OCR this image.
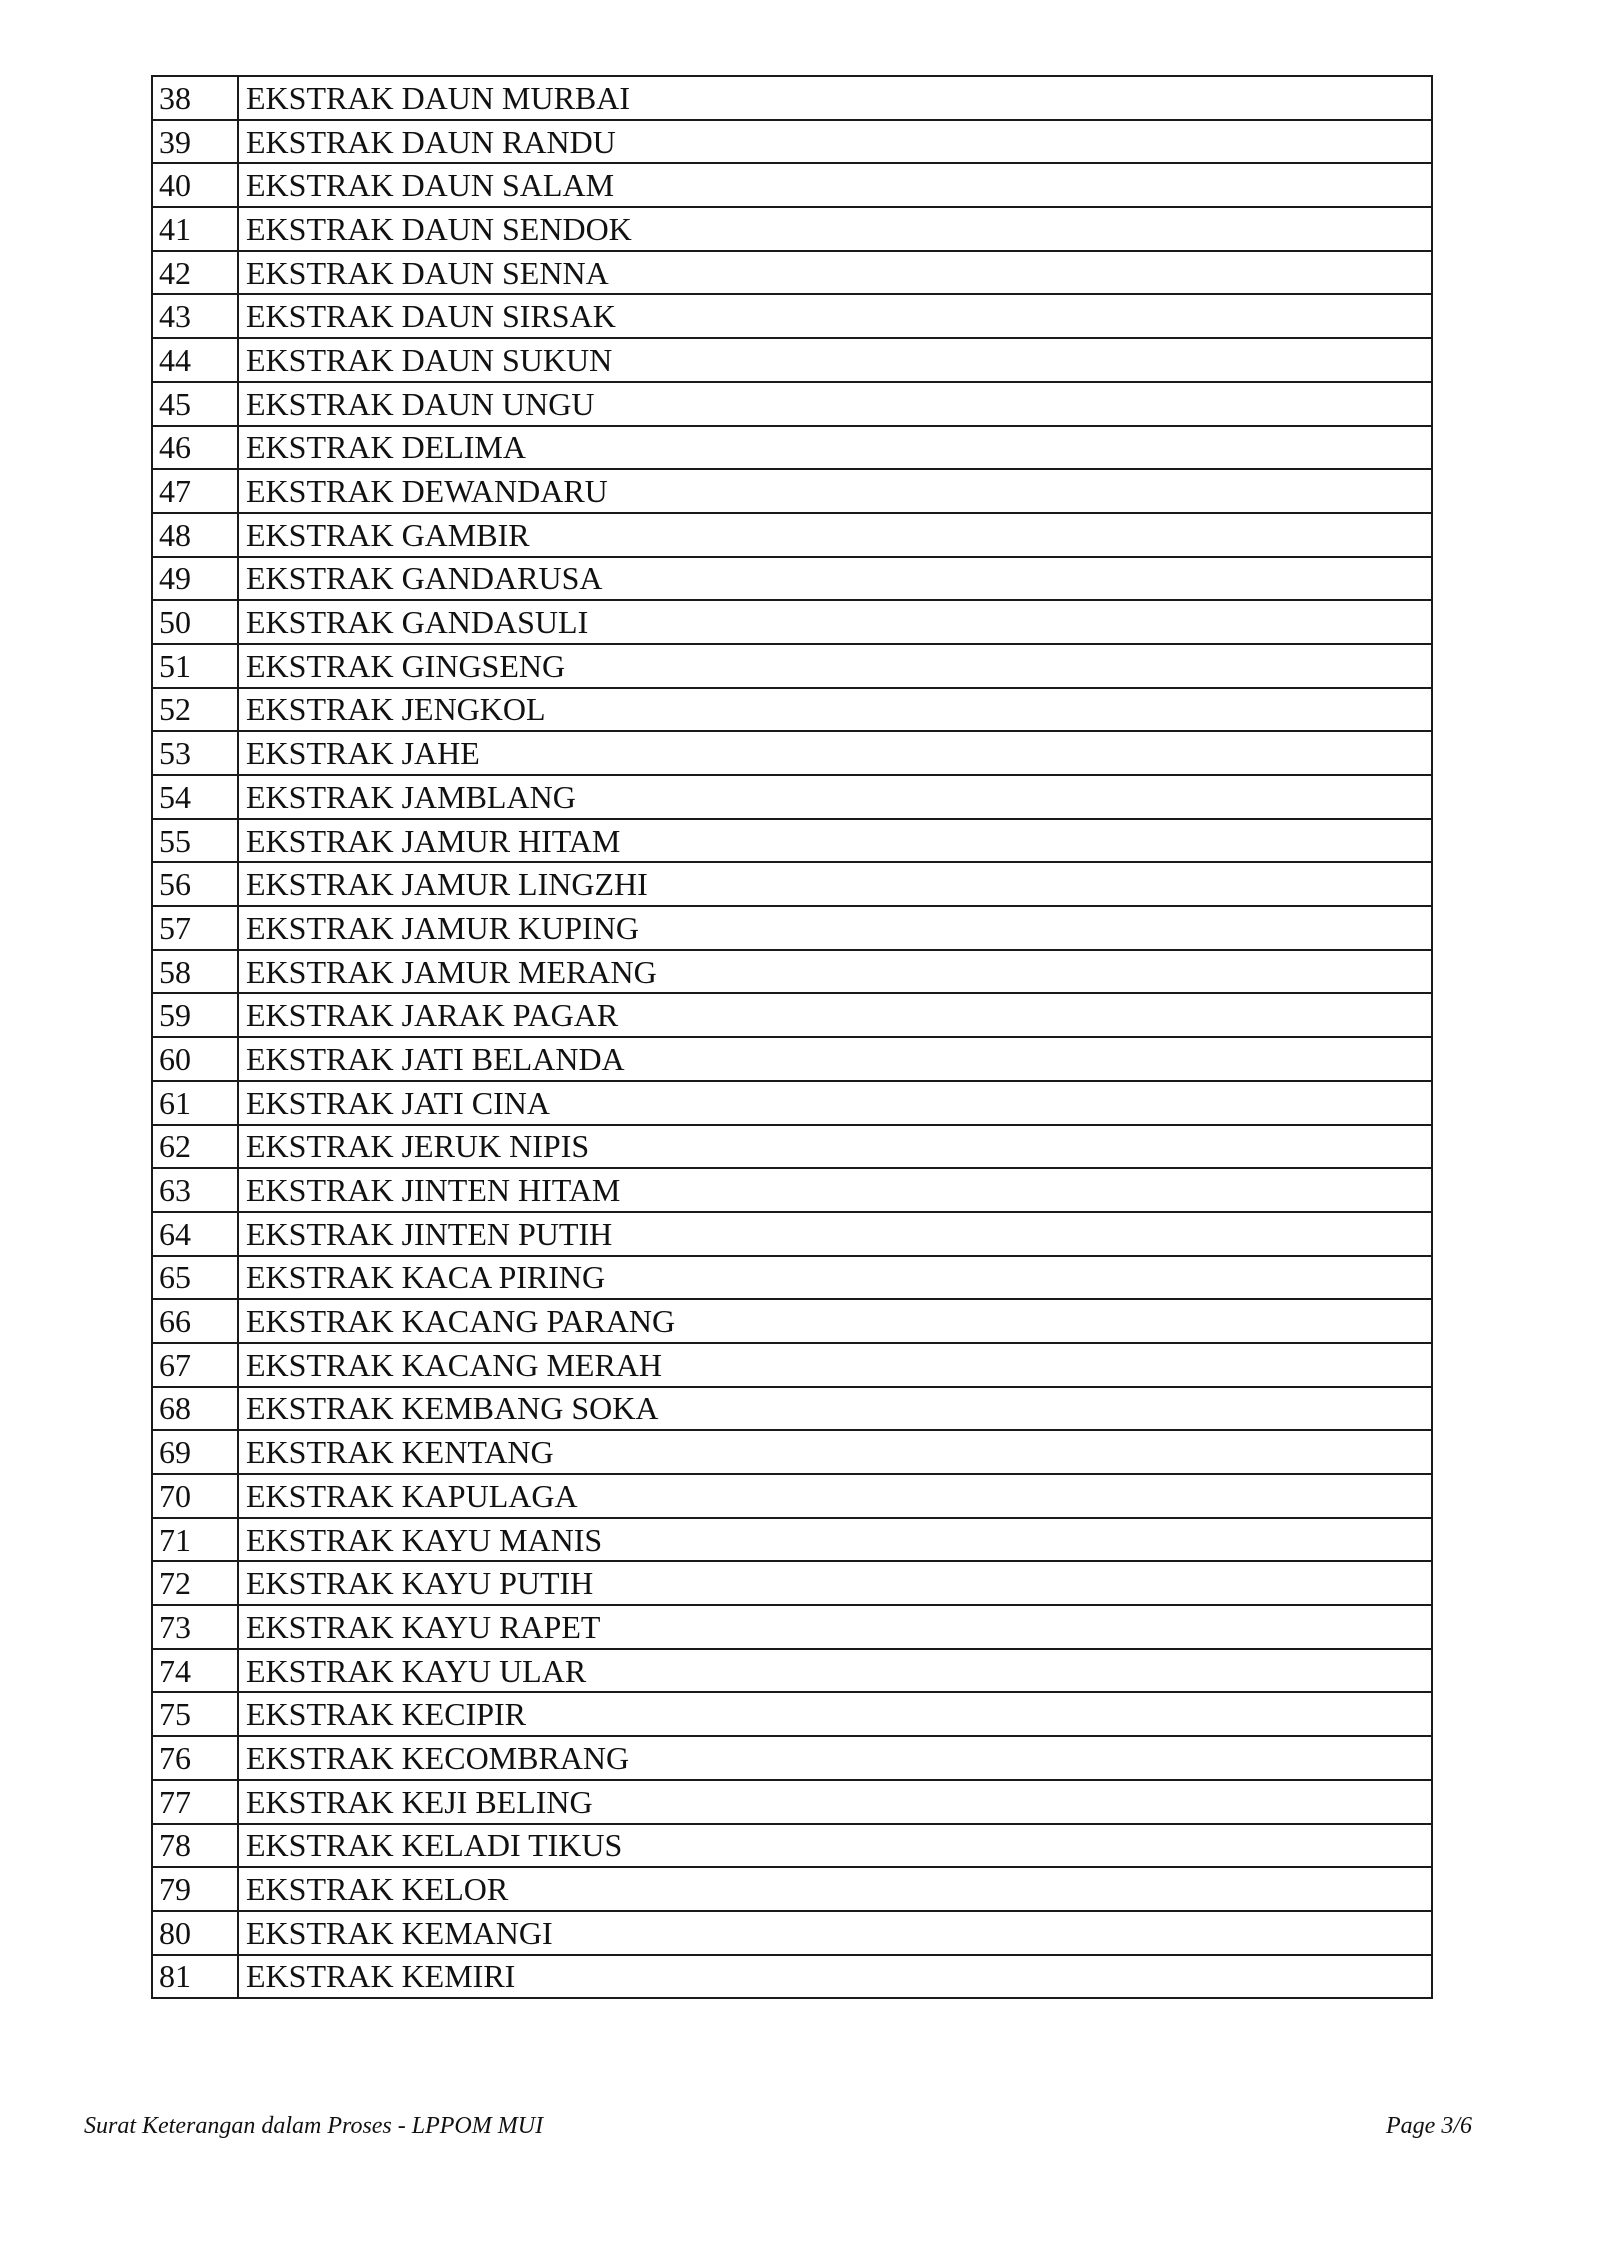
38	EKSTRAK DAUN MURBAI
39	EKSTRAK DAUN RANDU
40	EKSTRAK DAUN SALAM
41	EKSTRAK DAUN SENDOK
42	EKSTRAK DAUN SENNA
43	EKSTRAK DAUN SIRSAK
44	EKSTRAK DAUN SUKUN
45	EKSTRAK DAUN UNGU
46	EKSTRAK DELIMA
47	EKSTRAK DEWANDARU
48	EKSTRAK GAMBIR
49	EKSTRAK GANDARUSA
50	EKSTRAK GANDASULI
51	EKSTRAK GINGSENG
52	EKSTRAK JENGKOL
53	EKSTRAK JAHE
54	EKSTRAK JAMBLANG
55	EKSTRAK JAMUR HITAM
56	EKSTRAK JAMUR LINGZHI
57	EKSTRAK JAMUR KUPING
58	EKSTRAK JAMUR MERANG
59	EKSTRAK JARAK PAGAR
60	EKSTRAK JATI BELANDA
61	EKSTRAK JATI CINA
62	EKSTRAK JERUK NIPIS
63	EKSTRAK JINTEN HITAM
64	EKSTRAK JINTEN PUTIH
65	EKSTRAK KACA PIRING
66	EKSTRAK KACANG PARANG
67	EKSTRAK KACANG MERAH
68	EKSTRAK KEMBANG SOKA
69	EKSTRAK KENTANG
70	EKSTRAK KAPULAGA
71	EKSTRAK KAYU MANIS
72	EKSTRAK KAYU PUTIH
73	EKSTRAK KAYU RAPET
74	EKSTRAK KAYU ULAR
75	EKSTRAK KECIPIR
76	EKSTRAK KECOMBRANG
77	EKSTRAK KEJI BELING
78	EKSTRAK KELADI TIKUS
79	EKSTRAK KELOR
80	EKSTRAK KEMANGI
81	EKSTRAK KEMIRI
Surat Keterangan dalam Proses - LPPOM MUI	Page 3/6
